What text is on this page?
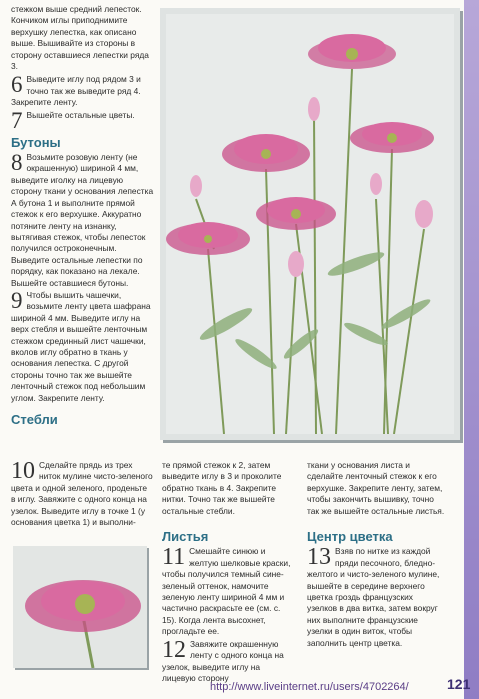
стежком выше средний лепесток. Кончиком иглы приподнимите верхушку лепестка, как описано выше. Вышивайте из стороны в сторону оставшиеся лепестки ряда 3.

6 Выведите иглу под рядом 3 и точно так же выведите ряд 4. Закрепите ленту.
7 Вышейте остальные цветы.
Бутоны
8 Возьмите розовую ленту (не окрашенную) шириной 4 мм, выведите иголку на лицевую сторону ткани у основания лепестка А бутона 1 и выполните прямой стежок к его верхушке. Аккуратно потяните ленту на изнанку, вытягивая стежок, чтобы лепесток получился остроконечным. Выведите остальные лепестки по порядку, как показано на лекале. Вышейте оставшиеся бутоны.
9 Чтобы вышить чашечки, возьмите ленту цвета шафрана шириной 4 мм. Выведите иглу на верх стебля и вышейте ленточным стежком срединный лист чашечки, вколов иглу обратно в ткань у основания лепестка. С другой стороны точно так же вышейте ленточный стежок под небольшим углом. Закрепите ленту.
Стебли
10 Сделайте прядь из трех ниток мулине чисто-зеленого цвета и одной зеленого, проденьте в иглу. Завяжите с одного конца на узелок. Выведите иглу в точке 1 (у основания цветка 1) и выполни-

те прямой стежок к 2, затем выведите иглу в 3 и проколите обратно ткань в 4. Закрепите нитки. Точно так же вышейте остальные стебли.

Листья
11 Смешайте синюю и желтую шелковые краски, чтобы получился темный сине-зеленый оттенок, намочите зеленую ленту шириной 4 мм и частично раскрасьте ее (см. с. 15). Когда лента высохнет, прогладьте ее.
12 Завяжите окрашенную ленту с одного конца на узелок, выведите иглу на лицевую сторону

ткани у основания листа и сделайте ленточный стежок к его верхушке. Закрепите ленту, затем, чтобы закончить вышивку, точно так же вышейте остальные листья.

Центр цветка
13 Взяв по нитке из каждой пряди песочного, бледно-желтого и чисто-зеленого мулине, вышейте в середине верхнего цветка гроздь французских узелков в два витка, затем вокруг них выполните французские узелки в один виток, чтобы заполнить центр цветка.
http://www.liveinternet.ru/users/4702264/	121
